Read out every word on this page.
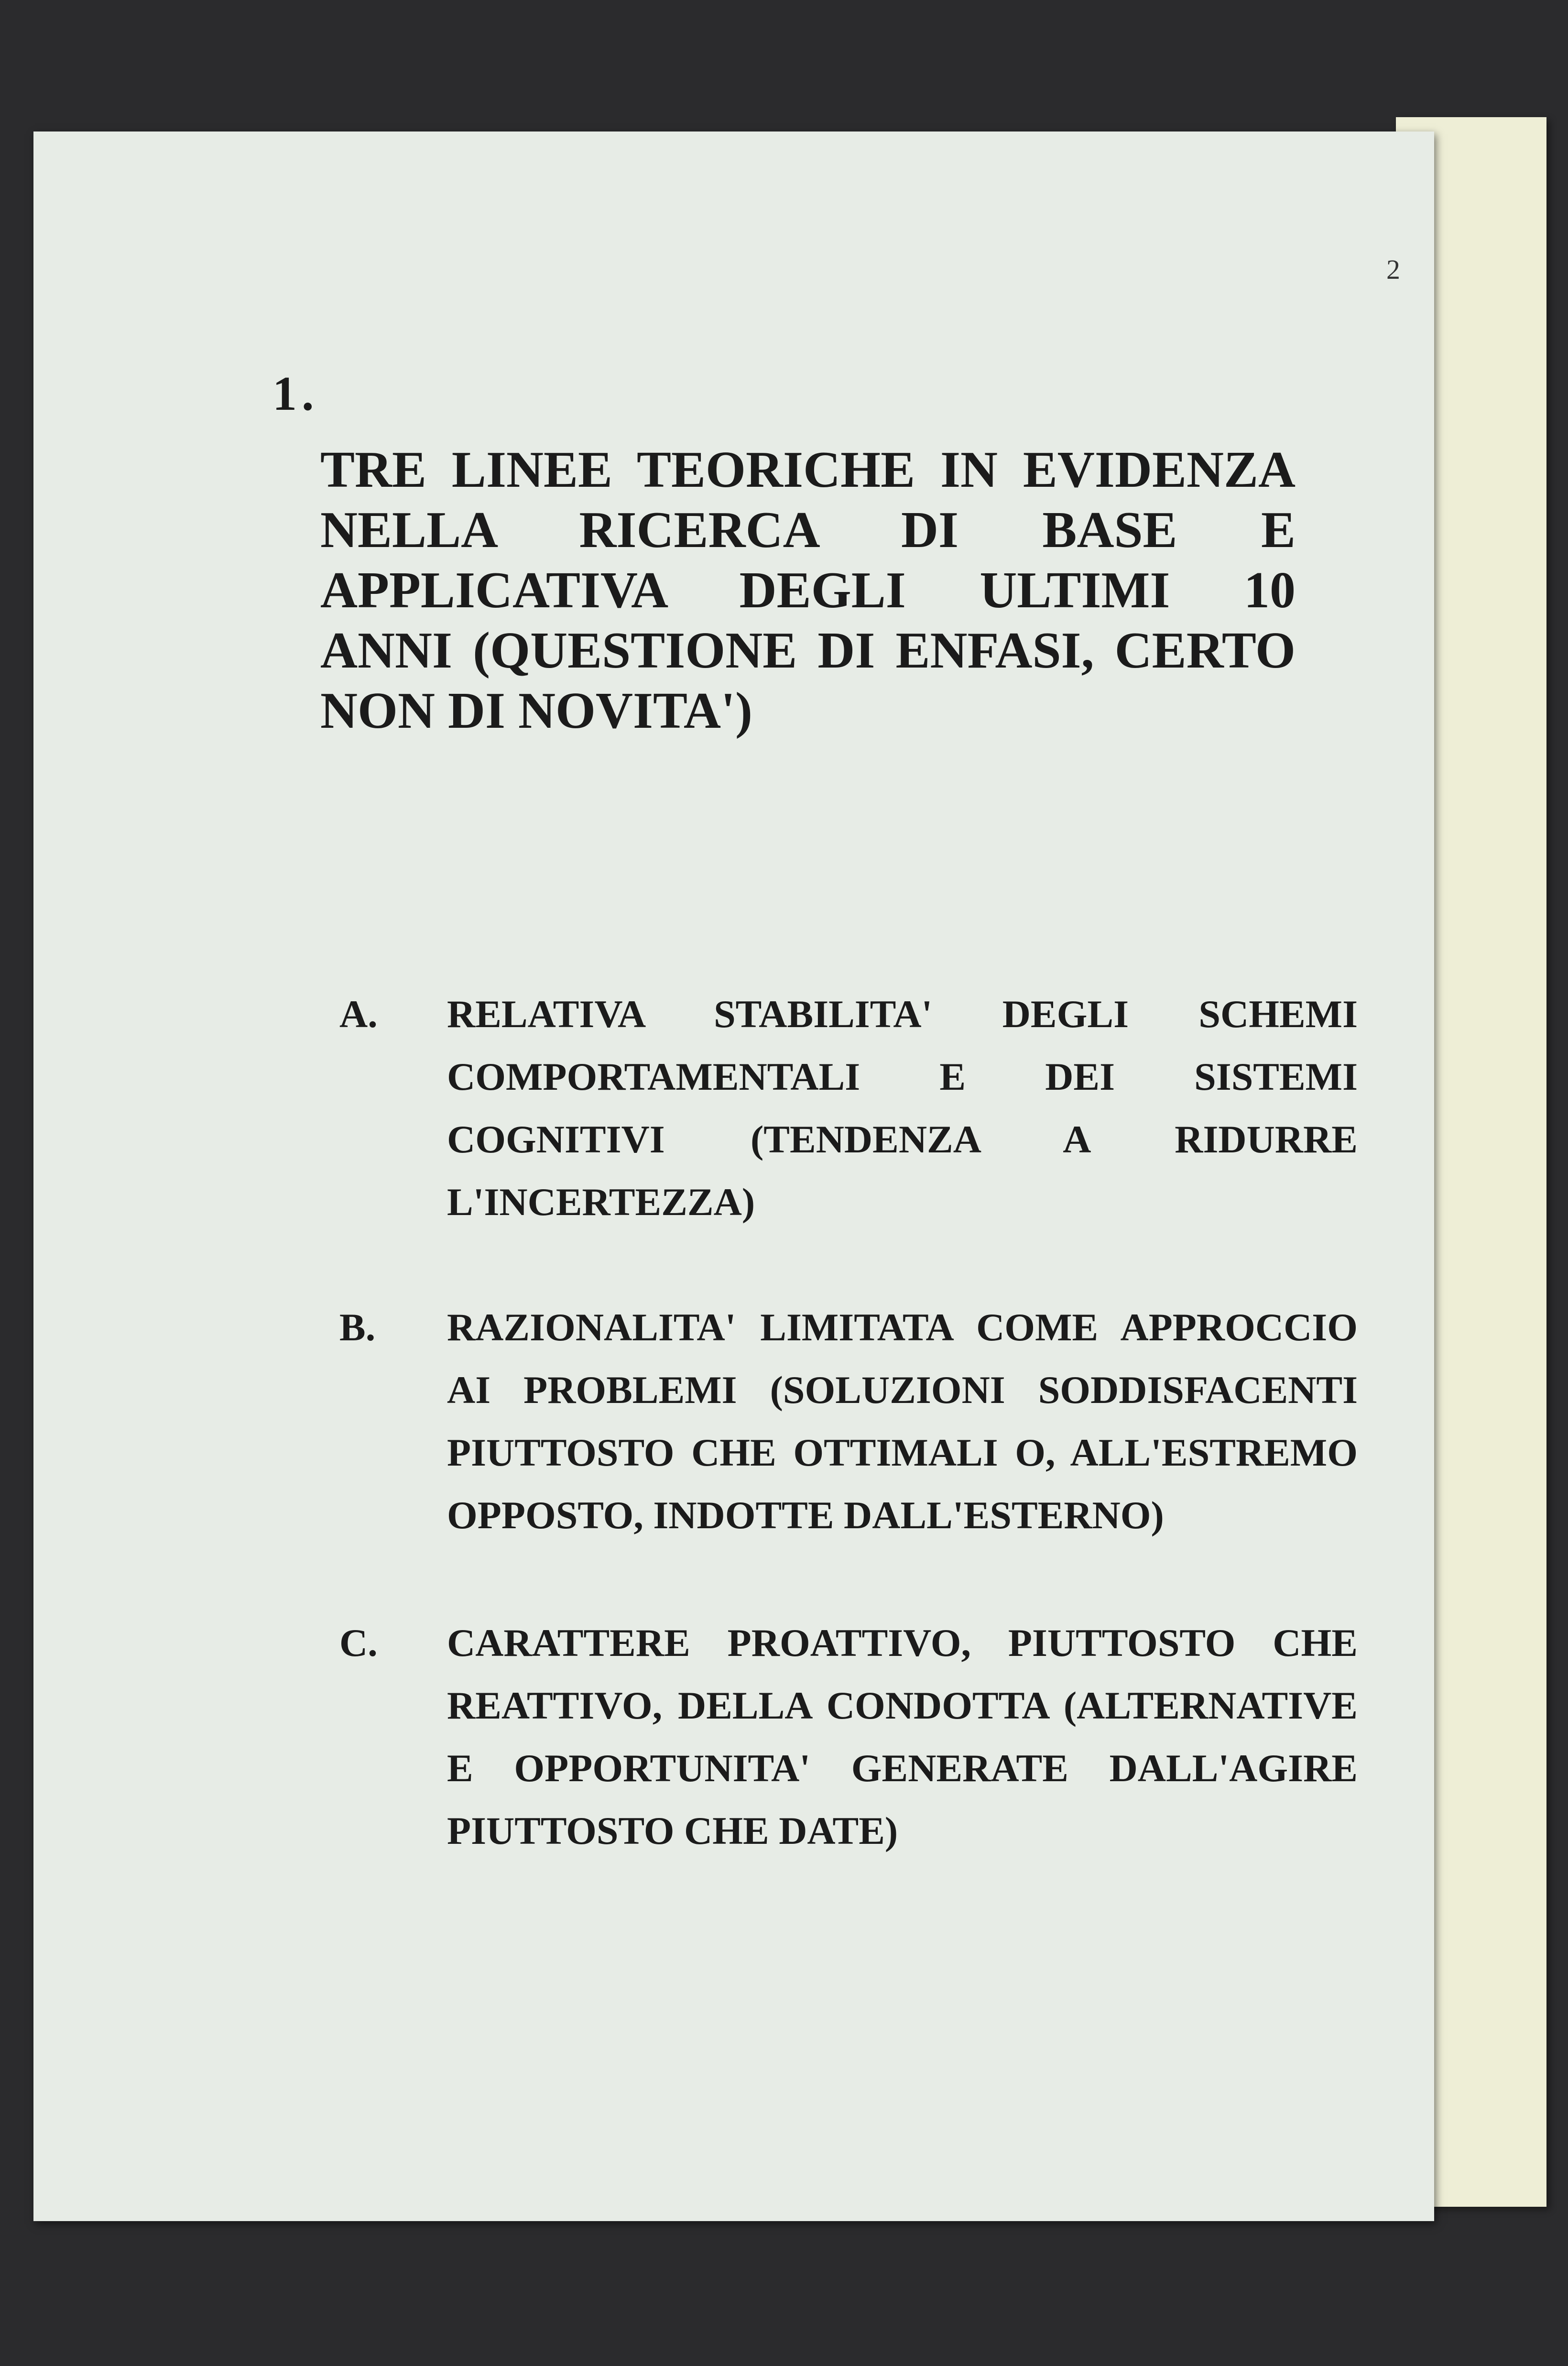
2
1.
TRE LINEE TEORICHE IN EVIDENZA
NELLA RICERCA DI BASE E
APPLICATIVA DEGLI ULTIMI 10
ANNI (QUESTIONE DI ENFASI, CERTO
NON DI NOVITA')
A. RELATIVA STABILITA' DEGLI SCHEMI
COMPORTAMENTALI E DEI SISTEMI
COGNITIVI (TENDENZA A RIDURRE
L'INCERTEZZA)
B. RAZIONALITA' LIMITATA COME APPROCCIO
AI PROBLEMI (SOLUZIONI SODDISFACENTI
PIUTTOSTO CHE OTTIMALI O, ALL'ESTREMO
OPPOSTO, INDOTTE DALL'ESTERNO)
C. CARATTERE PROATTIVO, PIUTTOSTO CHE
REATTIVO, DELLA CONDOTTA (ALTERNATIVE
E OPPORTUNITA' GENERATE DALL'AGIRE
PIUTTOSTO CHE DATE)
